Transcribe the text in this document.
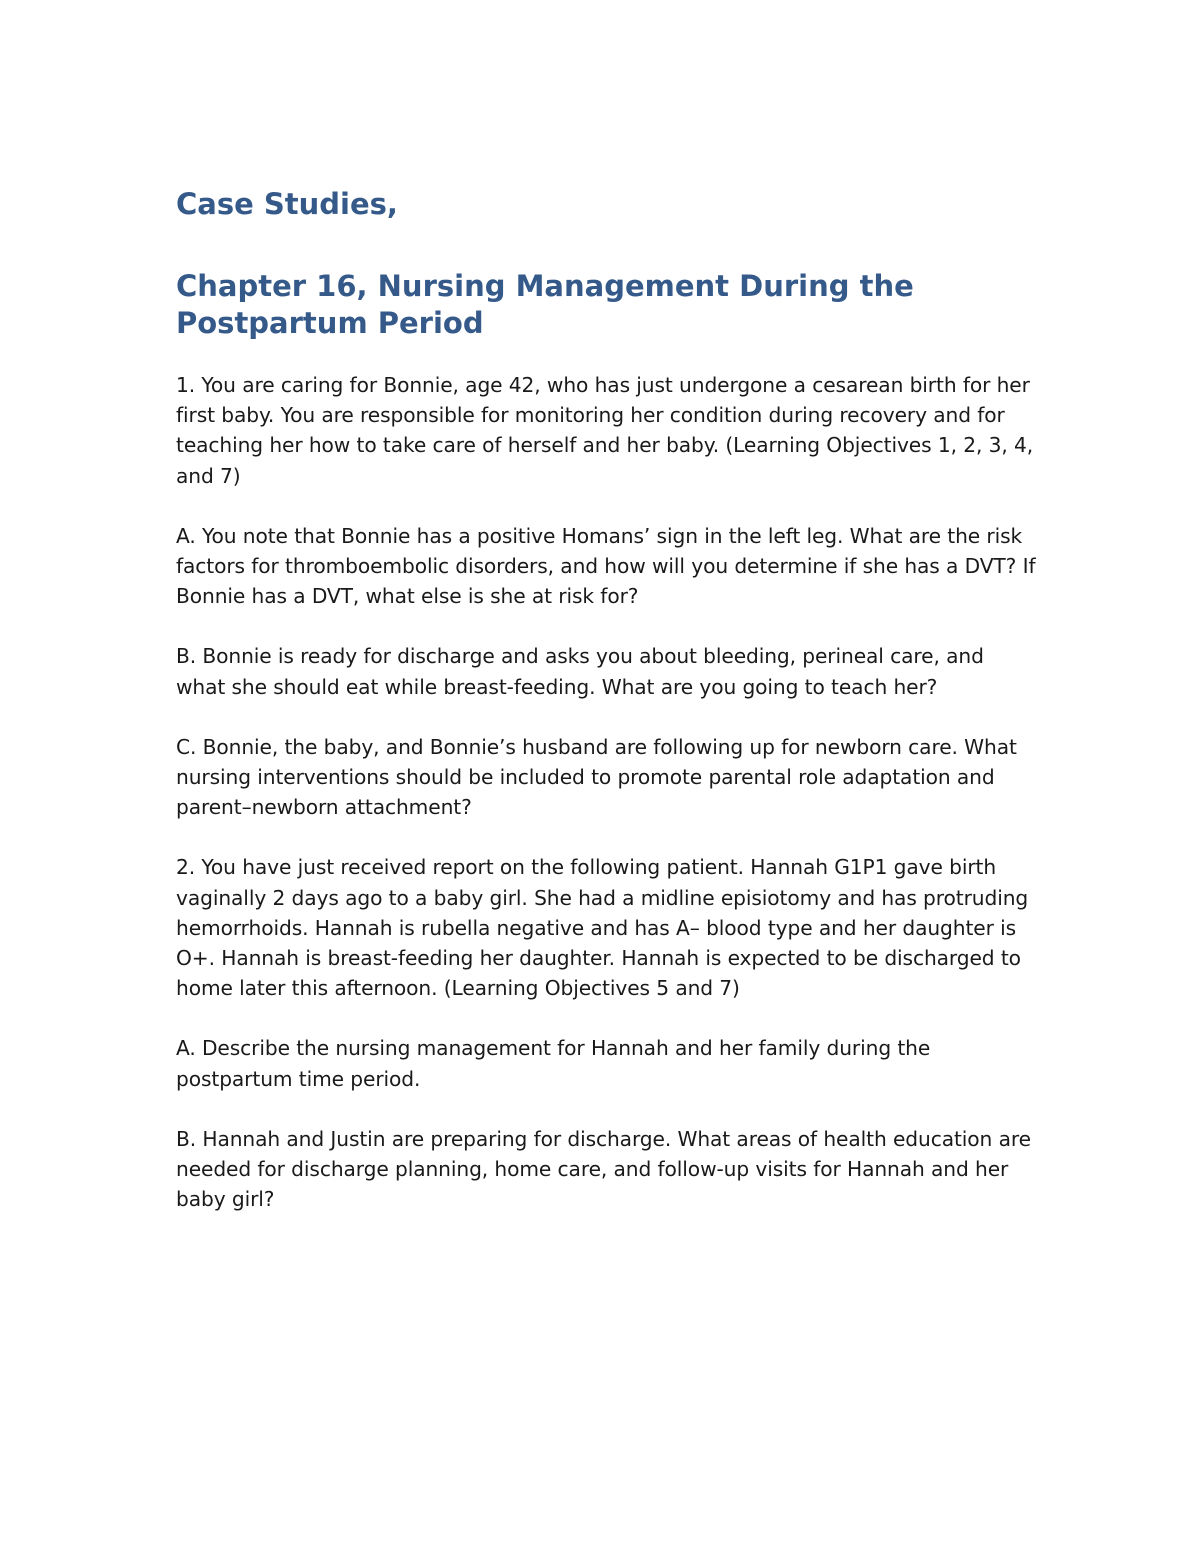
Case Studies,
Chapter 16, Nursing Management During the Postpartum Period

1. You are caring for Bonnie, age 42, who has just undergone a cesarean birth for her first baby. You are responsible for monitoring her condition during recovery and for teaching her how to take care of herself and her baby. (Learning Objectives 1, 2, 3, 4, and 7)

A. You note that Bonnie has a positive Homans’ sign in the left leg. What are the risk factors for thromboembolic disorders, and how will you determine if she has a DVT? If Bonnie has a DVT, what else is she at risk for?

B. Bonnie is ready for discharge and asks you about bleeding, perineal care, and what she should eat while breast-feeding. What are you going to teach her?

C. Bonnie, the baby, and Bonnie’s husband are following up for newborn care. What nursing interventions should be included to promote parental role adaptation and parent–newborn attachment?

2. You have just received report on the following patient. Hannah G1P1 gave birth vaginally 2 days ago to a baby girl. She had a midline episiotomy and has protruding hemorrhoids. Hannah is rubella negative and has A– blood type and her daughter is O+. Hannah is breast-feeding her daughter. Hannah is expected to be discharged to home later this afternoon. (Learning Objectives 5 and 7)

A. Describe the nursing management for Hannah and her family during the postpartum time period.

B. Hannah and Justin are preparing for discharge. What areas of health education are needed for discharge planning, home care, and follow-up visits for Hannah and her baby girl?
